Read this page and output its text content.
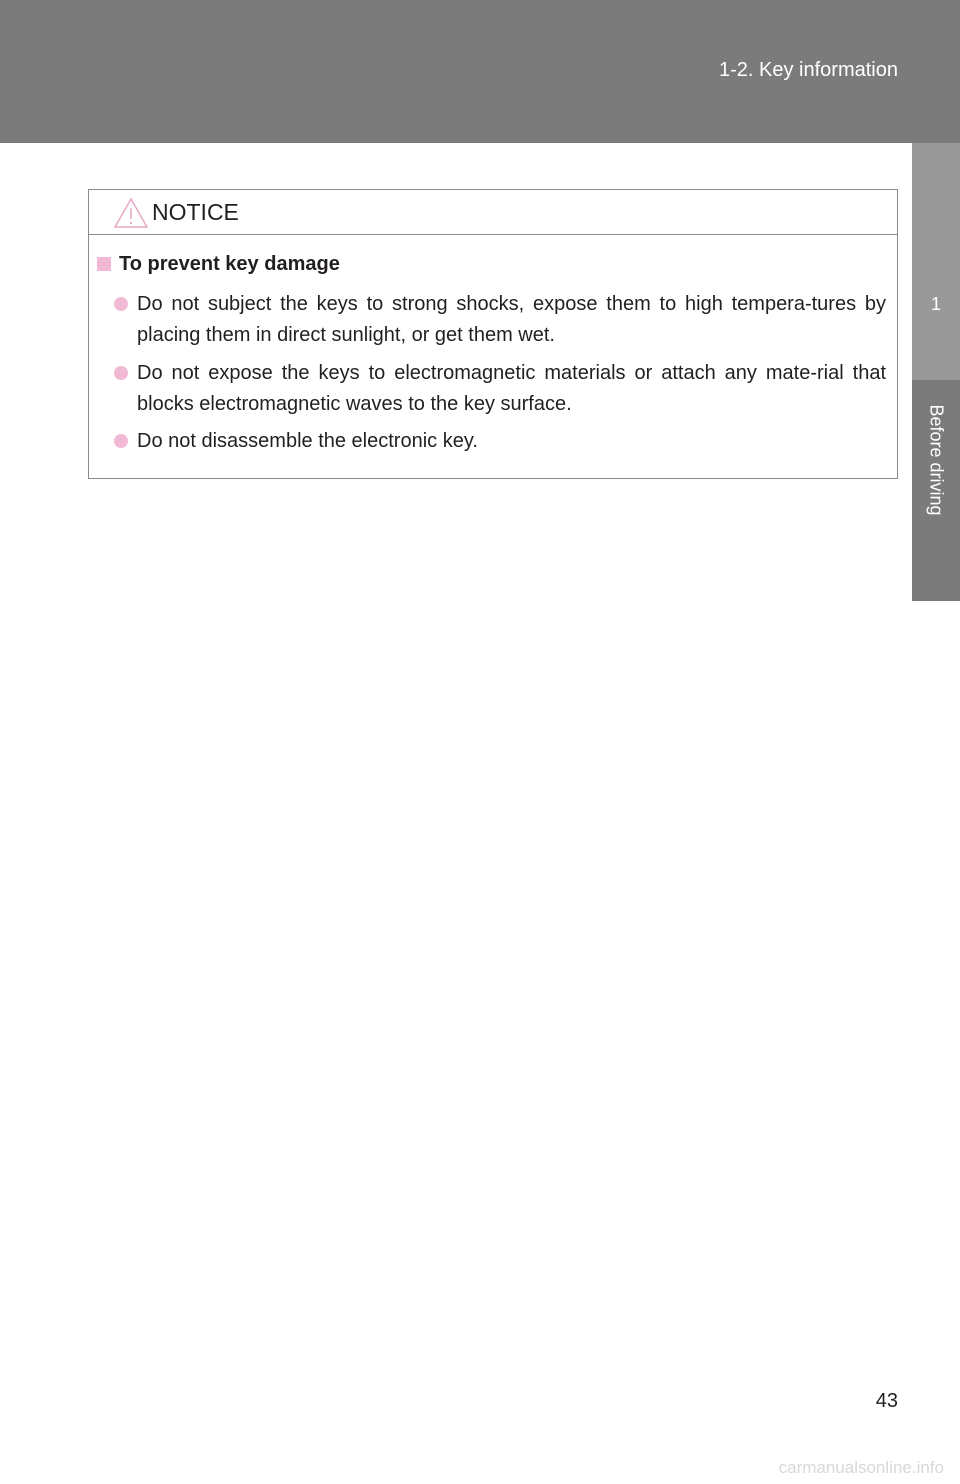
1-2. Key information
1
Before driving
NOTICE
To prevent key damage
Do not subject the keys to strong shocks, expose them to high tempera-tures by placing them in direct sunlight, or get them wet.
Do not expose the keys to electromagnetic materials or attach any mate-rial that blocks electromagnetic waves to the key surface.
Do not disassemble the electronic key.
43
carmanualsonline.info
